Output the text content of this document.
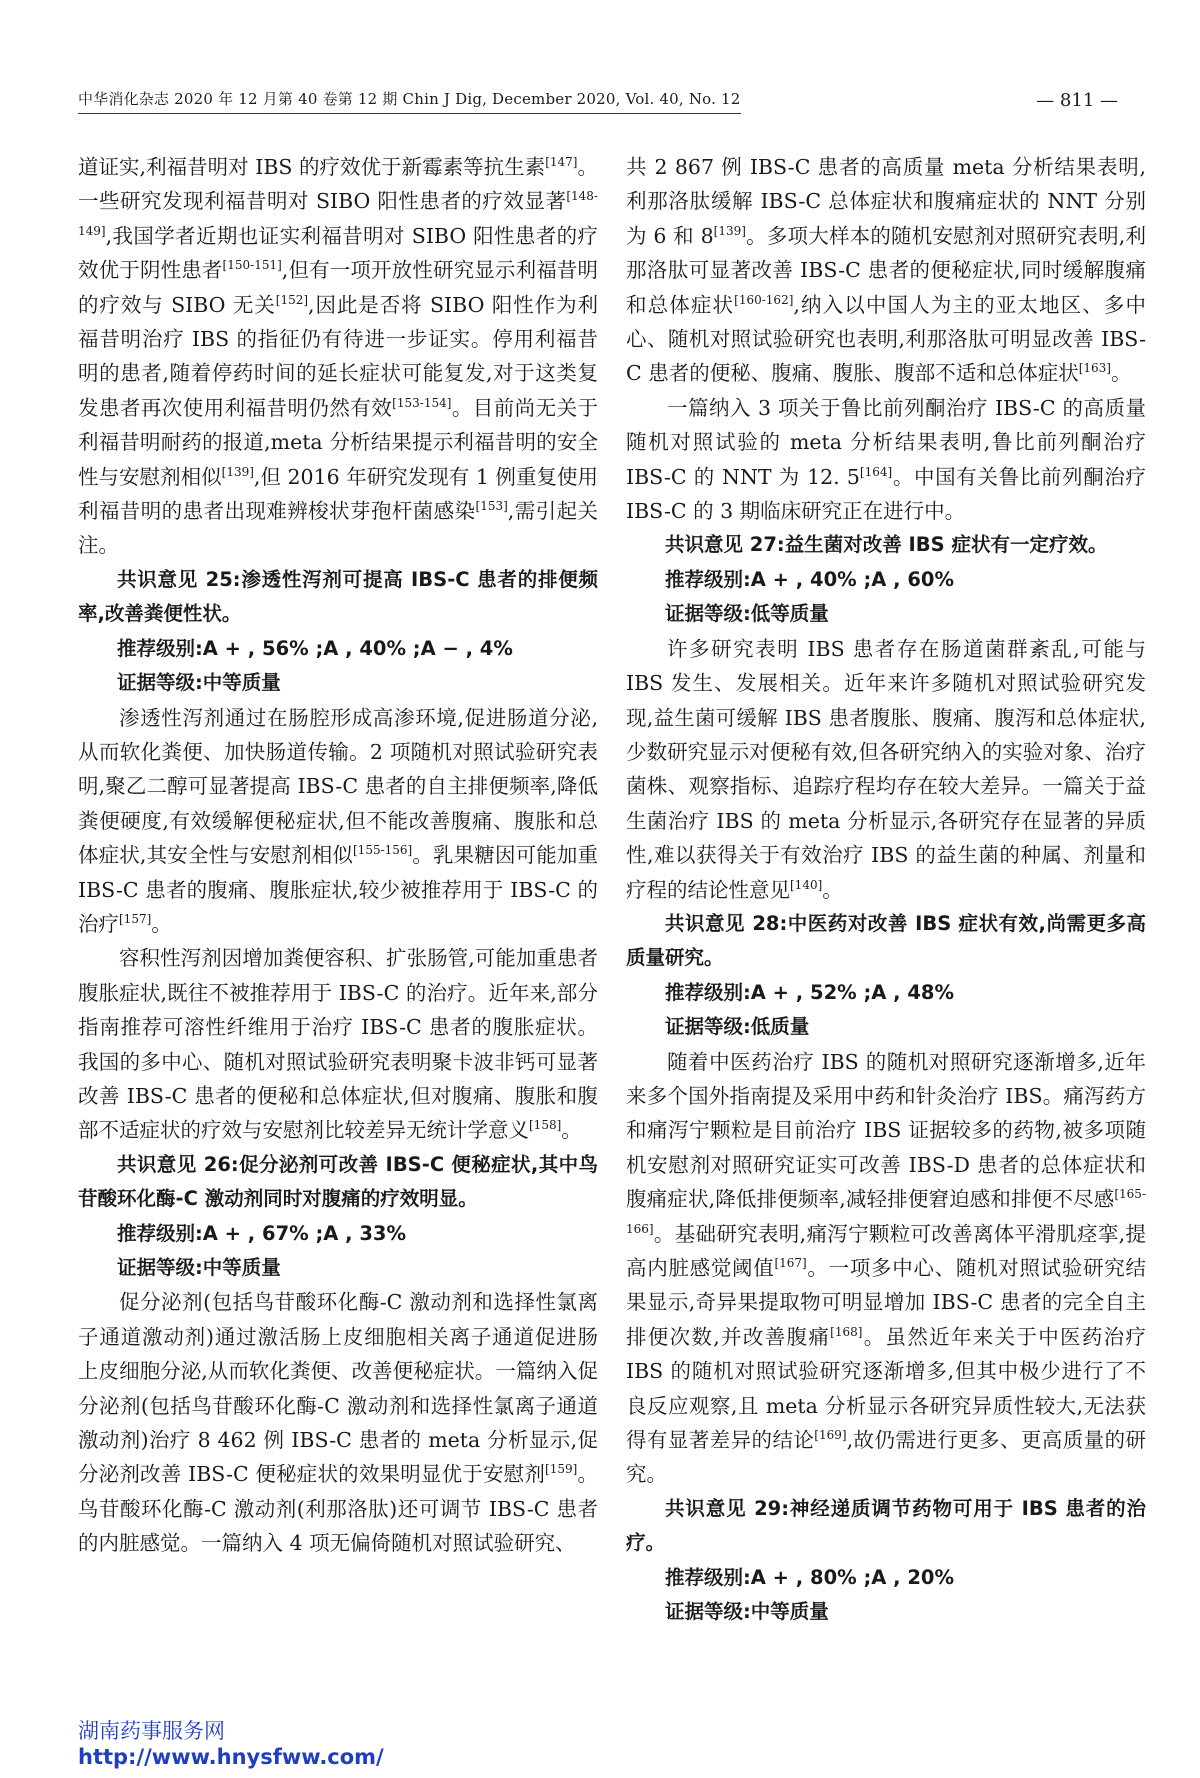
中华消化杂志 2020 年 12 月第 40 卷第 12 期 Chin J Dig, December 2020, Vol. 40, No. 12	— 811 —

道证实,利福昔明对 IBS 的疗效优于新霉素等抗生素[147]。一些研究发现利福昔明对 SIBO 阳性患者的疗效显著[148-149],我国学者近期也证实利福昔明对 SIBO 阳性患者的疗效优于阴性患者[150-151],但有一项开放性研究显示利福昔明的疗效与 SIBO 无关[152],因此是否将 SIBO 阳性作为利福昔明治疗 IBS 的指征仍有待进一步证实。停用利福昔明的患者,随着停药时间的延长症状可能复发,对于这类复发患者再次使用利福昔明仍然有效[153-154]。目前尚无关于利福昔明耐药的报道,meta 分析结果提示利福昔明的安全性与安慰剂相似[139],但 2016 年研究发现有 1 例重复使用利福昔明的患者出现难辨梭状芽孢杆菌感染[153],需引起关注。

共识意见 25:渗透性泻剂可提高 IBS-C 患者的排便频率,改善粪便性状。

推荐级别:A + , 56% ;A , 40% ;A − , 4%

证据等级:中等质量

渗透性泻剂通过在肠腔形成高渗环境,促进肠道分泌,从而软化粪便、加快肠道传输。2 项随机对照试验研究表明,聚乙二醇可显著提高 IBS-C 患者的自主排便频率,降低粪便硬度,有效缓解便秘症状,但不能改善腹痛、腹胀和总体症状,其安全性与安慰剂相似[155-156]。乳果糖因可能加重 IBS-C 患者的腹痛、腹胀症状,较少被推荐用于 IBS-C 的治疗[157]。

容积性泻剂因增加粪便容积、扩张肠管,可能加重患者腹胀症状,既往不被推荐用于 IBS-C 的治疗。近年来,部分指南推荐可溶性纤维用于治疗 IBS-C 患者的腹胀症状。我国的多中心、随机对照试验研究表明聚卡波非钙可显著改善 IBS-C 患者的便秘和总体症状,但对腹痛、腹胀和腹部不适症状的疗效与安慰剂比较差异无统计学意义[158]。

共识意见 26:促分泌剂可改善 IBS-C 便秘症状,其中鸟苷酸环化酶-C 激动剂同时对腹痛的疗效明显。

推荐级别:A + , 67% ;A , 33%

证据等级:中等质量

促分泌剂(包括鸟苷酸环化酶-C 激动剂和选择性氯离子通道激动剂)通过激活肠上皮细胞相关离子通道促进肠上皮细胞分泌,从而软化粪便、改善便秘症状。一篇纳入促分泌剂(包括鸟苷酸环化酶-C 激动剂和选择性氯离子通道激动剂)治疗 8 462 例 IBS-C 患者的 meta 分析显示,促分泌剂改善 IBS-C 便秘症状的效果明显优于安慰剂[159]。鸟苷酸环化酶-C 激动剂(利那洛肽)还可调节 IBS-C 患者的内脏感觉。一篇纳入 4 项无偏倚随机对照试验研究、

共 2 867 例 IBS-C 患者的高质量 meta 分析结果表明,利那洛肽缓解 IBS-C 总体症状和腹痛症状的 NNT 分别为 6 和 8[139]。多项大样本的随机安慰剂对照研究表明,利那洛肽可显著改善 IBS-C 患者的便秘症状,同时缓解腹痛和总体症状[160-162],纳入以中国人为主的亚太地区、多中心、随机对照试验研究也表明,利那洛肽可明显改善 IBS-C 患者的便秘、腹痛、腹胀、腹部不适和总体症状[163]。

一篇纳入 3 项关于鲁比前列酮治疗 IBS-C 的高质量随机对照试验的 meta 分析结果表明,鲁比前列酮治疗 IBS-C 的 NNT 为 12. 5[164]。中国有关鲁比前列酮治疗 IBS-C 的 3 期临床研究正在进行中。

共识意见 27:益生菌对改善 IBS 症状有一定疗效。

推荐级别:A + , 40% ;A , 60%

证据等级:低等质量

许多研究表明 IBS 患者存在肠道菌群紊乱,可能与 IBS 发生、发展相关。近年来许多随机对照试验研究发现,益生菌可缓解 IBS 患者腹胀、腹痛、腹泻和总体症状,少数研究显示对便秘有效,但各研究纳入的实验对象、治疗菌株、观察指标、追踪疗程均存在较大差异。一篇关于益生菌治疗 IBS 的 meta 分析显示,各研究存在显著的异质性,难以获得关于有效治疗 IBS 的益生菌的种属、剂量和疗程的结论性意见[140]。

共识意见 28:中医药对改善 IBS 症状有效,尚需更多高质量研究。

推荐级别:A + , 52% ;A , 48%

证据等级:低质量

随着中医药治疗 IBS 的随机对照研究逐渐增多,近年来多个国外指南提及采用中药和针灸治疗 IBS。痛泻药方和痛泻宁颗粒是目前治疗 IBS 证据较多的药物,被多项随机安慰剂对照研究证实可改善 IBS-D 患者的总体症状和腹痛症状,降低排便频率,减轻排便窘迫感和排便不尽感[165-166]。基础研究表明,痛泻宁颗粒可改善离体平滑肌痉挛,提高内脏感觉阈值[167]。一项多中心、随机对照试验研究结果显示,奇异果提取物可明显增加 IBS-C 患者的完全自主排便次数,并改善腹痛[168]。虽然近年来关于中医药治疗 IBS 的随机对照试验研究逐渐增多,但其中极少进行了不良反应观察,且 meta 分析显示各研究异质性较大,无法获得有显著差异的结论[169],故仍需进行更多、更高质量的研究。

共识意见 29:神经递质调节药物可用于 IBS 患者的治疗。

推荐级别:A + , 80% ;A , 20%

证据等级:中等质量

湖南药事服务网
http://www.hnysfww.com/
